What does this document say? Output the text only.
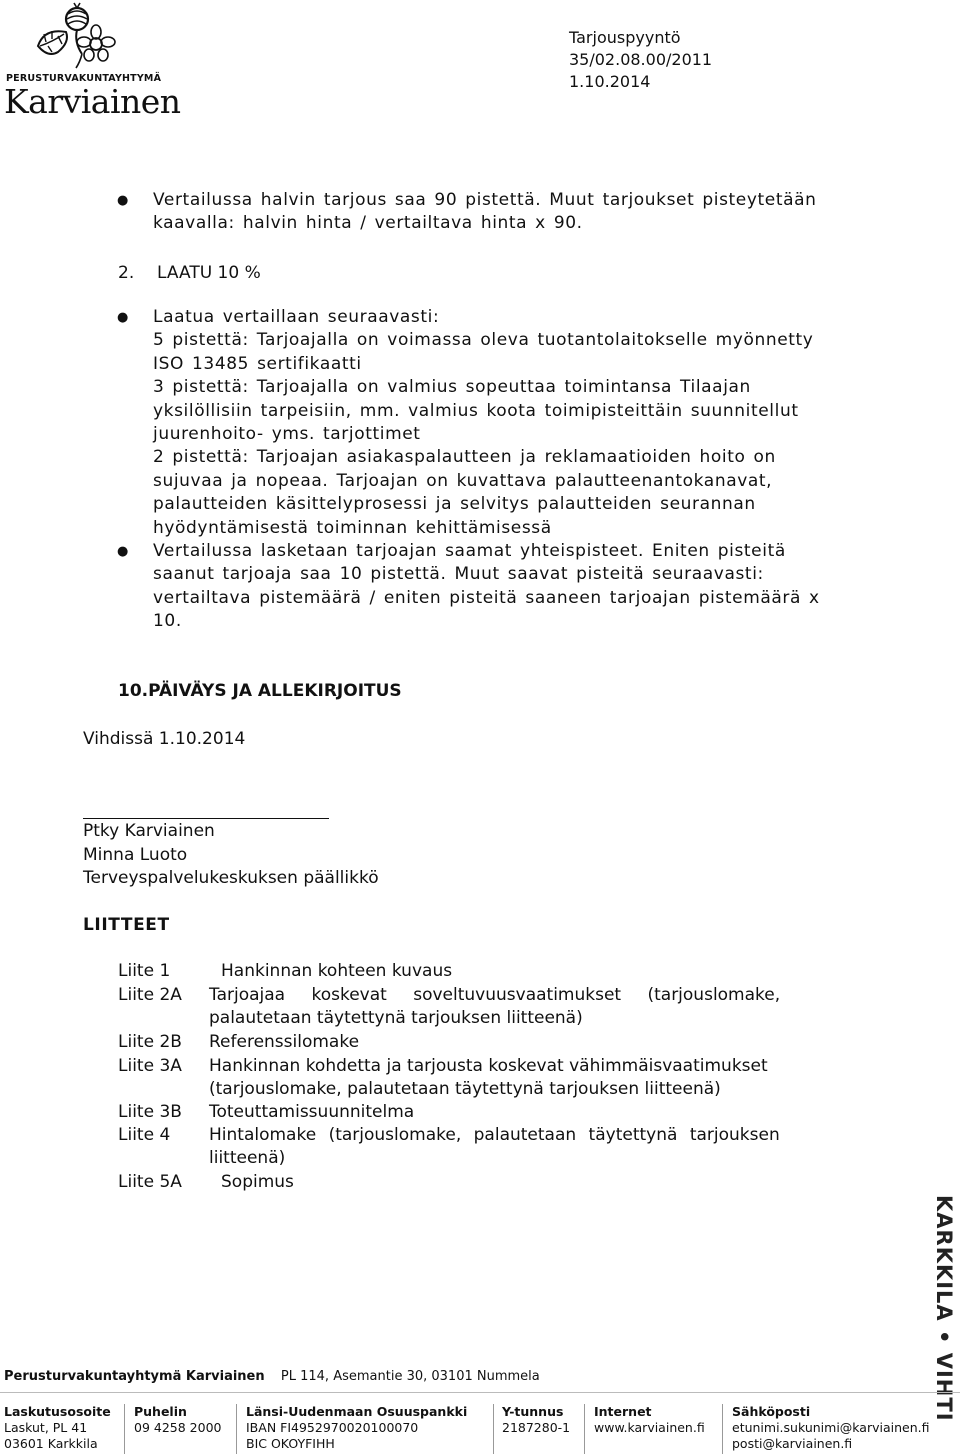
PERUSTURVAKUNTAYHTYMÄ
Karviainen
Tarjouspyyntö
35/02.08.00/2011
1.10.2014
●
Vertailussa halvin tarjous saa 90 pistettä. Muut tarjoukset pisteytetään
kaavalla: halvin hinta / vertailtava hinta x 90.
2. LAATU 10 %
●
Laatua vertaillaan seuraavasti:
5 pistettä: Tarjoajalla on voimassa oleva tuotantolaitokselle myönnetty
ISO 13485 sertifikaatti
3 pistettä: Tarjoajalla on valmius sopeuttaa toimintansa Tilaajan
yksilöllisiin tarpeisiin, mm. valmius koota toimipisteittäin suunnitellut
juurenhoito- yms. tarjottimet
2 pistettä: Tarjoajan asiakaspalautteen ja reklamaatioiden hoito on
sujuvaa ja nopeaa. Tarjoajan on kuvattava palautteenantokanavat,
palautteiden käsittelyprosessi ja selvitys palautteiden seurannan
hyödyntämisestä toiminnan kehittämisessä
●
Vertailussa lasketaan tarjoajan saamat yhteispisteet. Eniten pisteitä
saanut tarjoaja saa 10 pistettä. Muut saavat pisteitä seuraavasti:
vertailtava pistemäärä / eniten pisteitä saaneen tarjoajan pistemäärä x
10.
10.PÄIVÄYS JA ALLEKIRJOITUS
Vihdissä 1.10.2014
Ptky Karviainen
Minna Luoto
Terveyspalvelukeskuksen päällikkö
LIITTEET
Liite 1	Hankinnan kohteen kuvaus
Liite 2A Tarjoajaa koskevat soveltuvuusvaatimukset (tarjouslomake,
palautetaan täytettynä tarjouksen liitteenä)
Liite 2B Referenssilomake
Liite 3A Hankinnan kohdetta ja tarjousta koskevat vähimmäisvaatimukset
(tarjouslomake, palautetaan täytettynä tarjouksen liitteenä)
Liite 3B Toteuttamissuunnitelma
Liite 4 Hintalomake (tarjouslomake, palautetaan täytettynä tarjouksen
liitteenä)
Liite 5A Sopimus
KARKKILA • VIHTI
Perusturvakuntayhtymä Karviainen PL 114, Asemantie 30, 03101 Nummela
Laskutusosoite
Laskut, PL 41
03601 Karkkila
Puhelin
09 4258 2000
Länsi-Uudenmaan Osuuspankki
IBAN FI4952970020100070
BIC OKOYFIHH
Y-tunnus
2187280-1
Internet
www.karviainen.fi
Sähköposti
etunimi.sukunimi@karviainen.fi
posti@karviainen.fi
